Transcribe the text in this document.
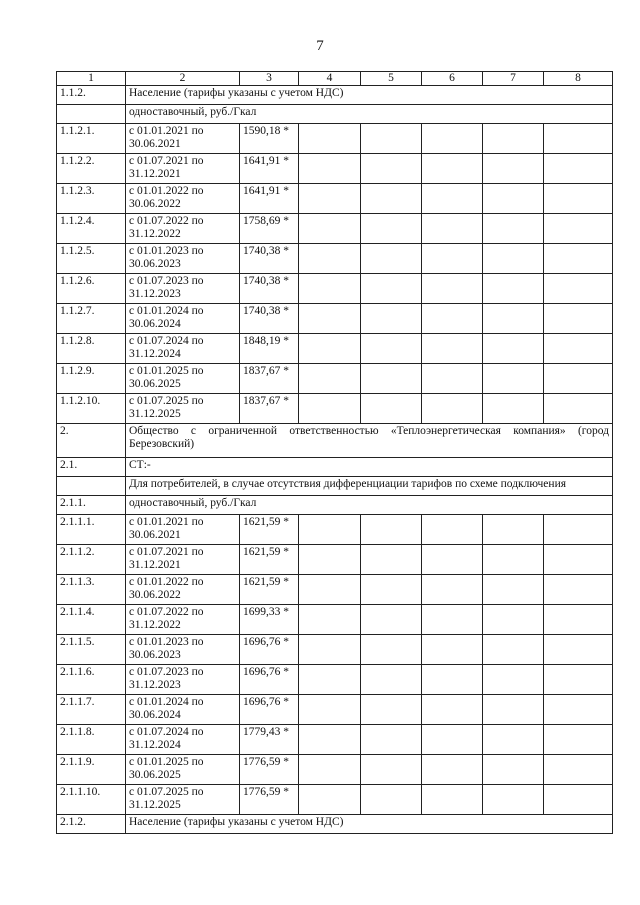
7
1	2	3	4	5	6	7	8
1.1.2.	Население (тарифы указаны с учетом НДС)						
	одноставочный, руб./Гкал						
1.1.2.1.	с 01.01.2021 по 30.06.2021	1590,18 *					
1.1.2.2.	с 01.07.2021 по 31.12.2021	1641,91 *					
1.1.2.3.	с 01.01.2022 по 30.06.2022	1641,91 *					
1.1.2.4.	с 01.07.2022 по 31.12.2022	1758,69 *					
1.1.2.5.	с 01.01.2023 по 30.06.2023	1740,38 *					
1.1.2.6.	с 01.07.2023 по 31.12.2023	1740,38 *					
1.1.2.7.	с 01.01.2024 по 30.06.2024	1740,38 *					
1.1.2.8.	с 01.07.2024 по 31.12.2024	1848,19 *					
1.1.2.9.	с 01.01.2025 по 30.06.2025	1837,67 *					
1.1.2.10.	с 01.07.2025 по 31.12.2025	1837,67 *					
2.	Общество с ограниченной ответственностью «Теплоэнергетическая компания» (город Березовский)						
2.1.	СТ:-						
	Для потребителей, в случае отсутствия дифференциации тарифов по схеме подключения						
2.1.1.	одноставочный, руб./Гкал						
2.1.1.1.	с 01.01.2021 по 30.06.2021	1621,59 *					
2.1.1.2.	с 01.07.2021 по 31.12.2021	1621,59 *					
2.1.1.3.	с 01.01.2022 по 30.06.2022	1621,59 *					
2.1.1.4.	с 01.07.2022 по 31.12.2022	1699,33 *					
2.1.1.5.	с 01.01.2023 по 30.06.2023	1696,76 *					
2.1.1.6.	с 01.07.2023 по 31.12.2023	1696,76 *					
2.1.1.7.	с 01.01.2024 по 30.06.2024	1696,76 *					
2.1.1.8.	с 01.07.2024 по 31.12.2024	1779,43 *					
2.1.1.9.	с 01.01.2025 по 30.06.2025	1776,59 *					
2.1.1.10.	с 01.07.2025 по 31.12.2025	1776,59 *					
2.1.2.	Население (тарифы указаны с учетом НДС)						
